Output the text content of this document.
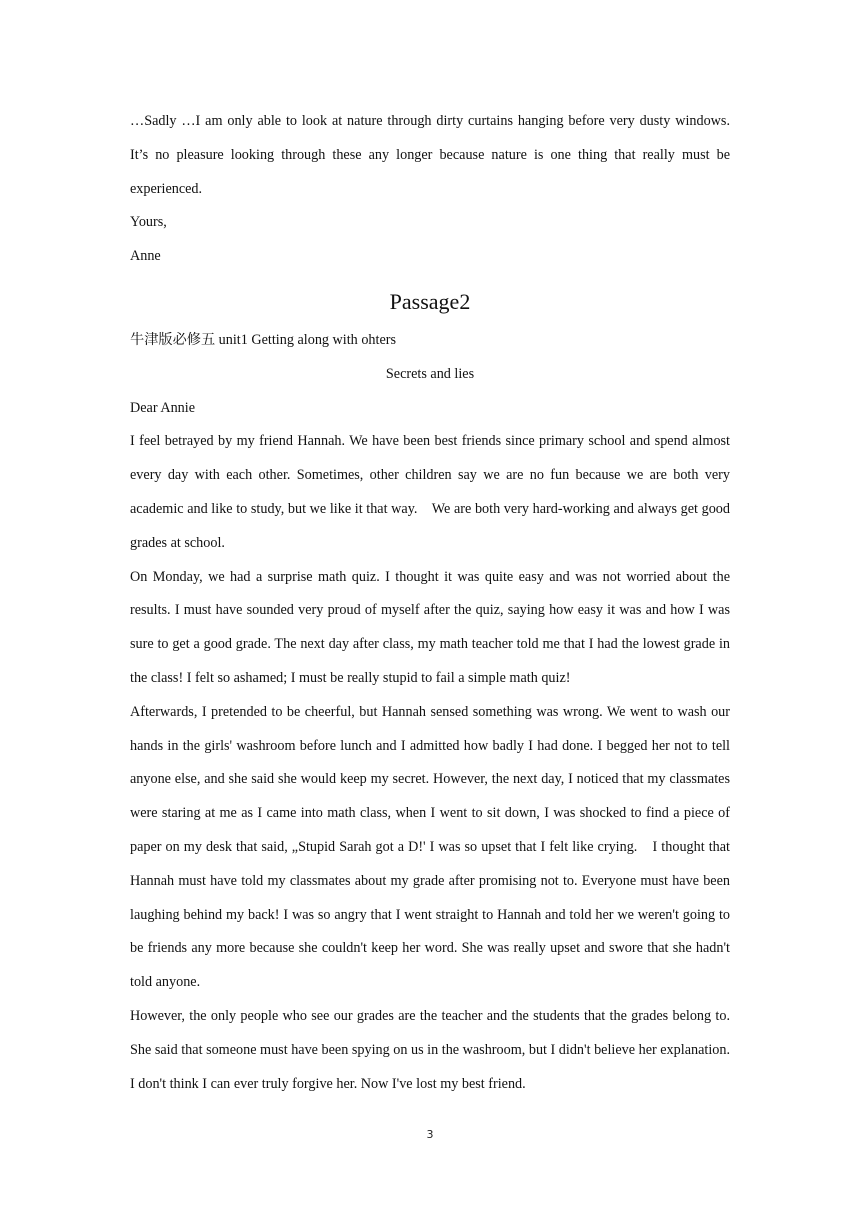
…Sadly …I am only able to look at nature through dirty curtains hanging before very dusty windows. It’s no pleasure looking through these any longer because nature is one thing that really must be experienced.

Yours,
Anne
Passage2
牛津版必修五 unit1 Getting along with ohters
Secrets and lies
Dear Annie

I feel betrayed by my friend Hannah. We have been best friends since primary school and spend almost every day with each other. Sometimes, other children say we are no fun because we are both very academic and like to study, but we like it that way.　We are both very hard-working and always get good grades at school.

On Monday, we had a surprise math quiz. I thought it was quite easy and was not worried about the results. I must have sounded very proud of myself after the quiz, saying how easy it was and how I was sure to get a good grade. The next day after class, my math teacher told me that I had the lowest grade in the class! I felt so ashamed; I must be really stupid to fail a simple math quiz!

Afterwards, I pretended to be cheerful, but Hannah sensed something was wrong. We went to wash our hands in the girls' washroom before lunch and I admitted how badly I had done. I begged her not to tell anyone else, and she said she would keep my secret. However, the next day, I noticed that my classmates were staring at me as I came into math class, when I went to sit down, I was shocked to find a piece of paper on my desk that said, „Stupid Sarah got a D!' I was so upset that I felt like crying.　I thought that Hannah must have told my classmates about my grade after promising not to. Everyone must have been laughing behind my back! I was so angry that I went straight to Hannah and told her we weren't going to be friends any more because she couldn't keep her word. She was really upset and swore that she hadn't told anyone.

However, the only people who see our grades are the teacher and the students that the grades belong to. She said that someone must have been spying on us in the washroom, but I didn't believe her explanation. I don't think I can ever truly forgive her. Now I've lost my best friend.

3
